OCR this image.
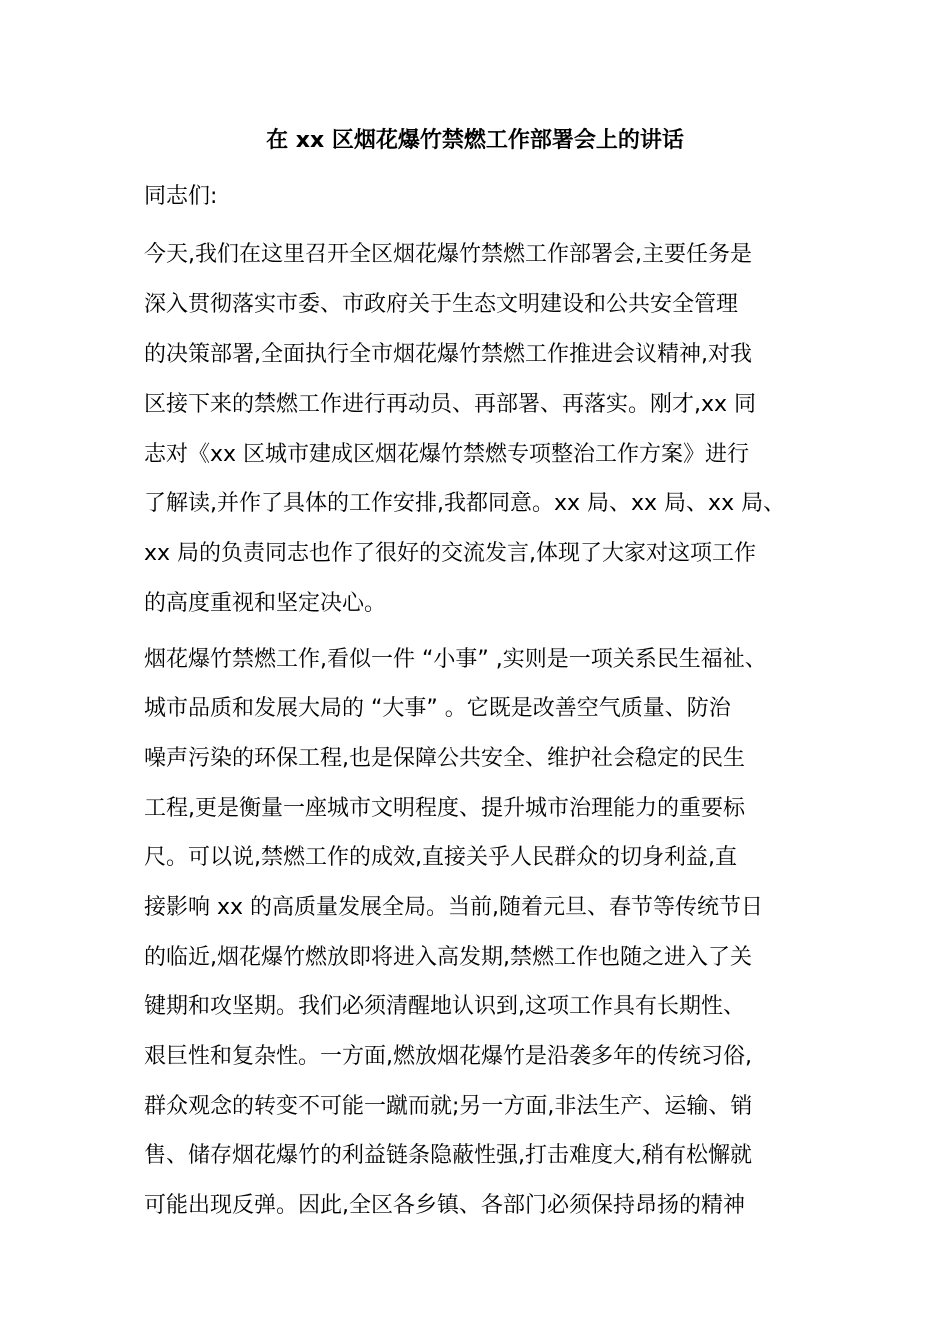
在 xx 区烟花爆竹禁燃工作部署会上的讲话
同志们:
今天,我们在这里召开全区烟花爆竹禁燃工作部署会,主要任务是
深入贯彻落实市委、市政府关于生态文明建设和公共安全管理
的决策部署,全面执行全市烟花爆竹禁燃工作推进会议精神,对我
区接下来的禁燃工作进行再动员、再部署、再落实。刚才,xx 同
志对《xx 区城市建成区烟花爆竹禁燃专项整治工作方案》进行
了解读,并作了具体的工作安排,我都同意。xx 局、xx 局、xx 局、
xx 局的负责同志也作了很好的交流发言,体现了大家对这项工作
的高度重视和坚定决心。
烟花爆竹禁燃工作,看似一件 “小事” ,实则是一项关系民生福祉、
城市品质和发展大局的 “大事” 。它既是改善空气质量、防治
噪声污染的环保工程,也是保障公共安全、维护社会稳定的民生
工程,更是衡量一座城市文明程度、提升城市治理能力的重要标
尺。可以说,禁燃工作的成效,直接关乎人民群众的切身利益,直
接影响 xx 的高质量发展全局。当前,随着元旦、春节等传统节日
的临近,烟花爆竹燃放即将进入高发期,禁燃工作也随之进入了关
键期和攻坚期。我们必须清醒地认识到,这项工作具有长期性、
艰巨性和复杂性。一方面,燃放烟花爆竹是沿袭多年的传统习俗,
群众观念的转变不可能一蹴而就;另一方面,非法生产、运输、销
售、储存烟花爆竹的利益链条隐蔽性强,打击难度大,稍有松懈就
可能出现反弹。因此,全区各乡镇、各部门必须保持昂扬的精神
